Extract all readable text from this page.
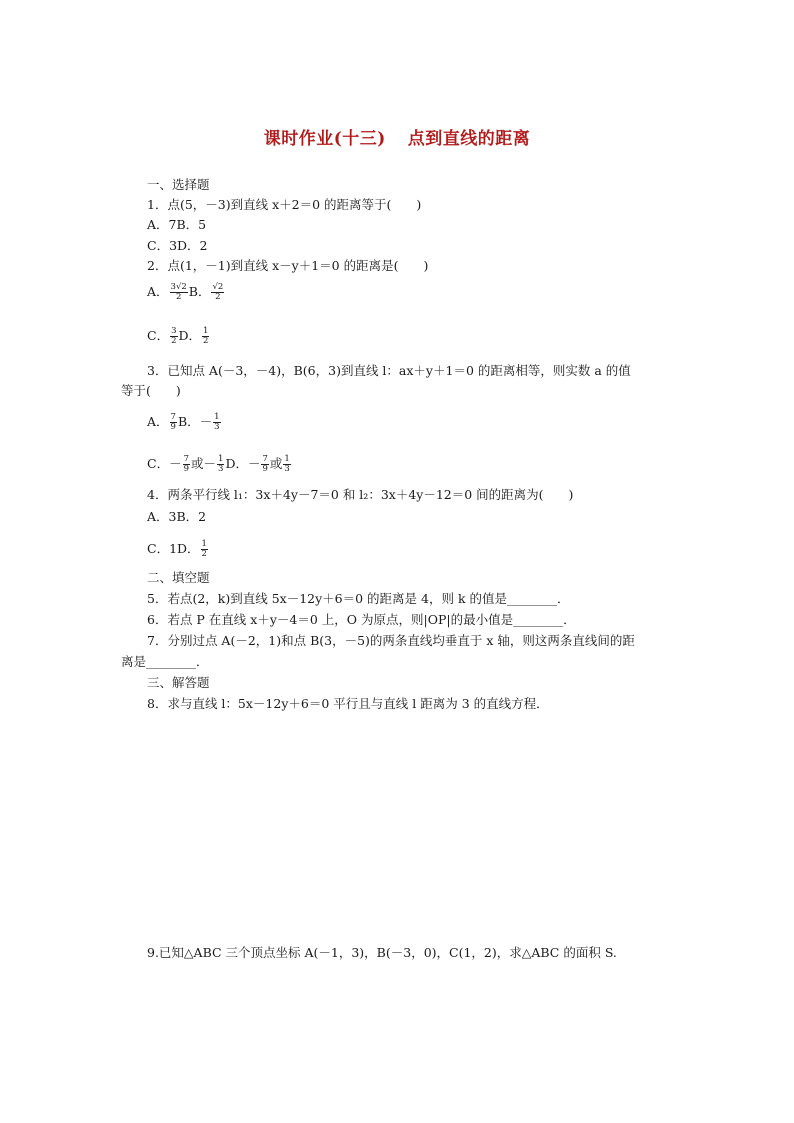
课时作业(十三) 点到直线的距离
一、选择题
1．点(5，－3)到直线 x＋2＝0 的距离等于(　　)
A．7B．5
C．3D．2
2．点(1，－1)到直线 x－y＋1＝0 的距离是(　　)
A． $\frac{3√2}{2}$ B． $\frac{√2}{2}$
C． $\frac{3}{2}$ D． $\frac{1}{2}$
3．已知点 A(－3，－4)，B(6，3)到直线 l：ax＋y＋1＝0 的距离相等，则实数 a 的值
等于(　　)
A． $\frac{7}{9}$ B．－ $\frac{1}{3}$
C．－ $\frac{7}{9}$ 或－ $\frac{1}{3}$ D．－ $\frac{7}{9}$ 或 $\frac{1}{3}$
4．两条平行线 l₁：3x＋4y－7＝0 和 l₂：3x＋4y－12＝0 间的距离为(　　)
A．3B．2
C．1D． $\frac{1}{2}$
二、填空题
5．若点(2，k)到直线 5x－12y＋6＝0 的距离是 4，则 k 的值是________．
6．若点 P 在直线 x＋y－4＝0 上，O 为原点，则|OP|的最小值是________．
7．分别过点 A(－2，1)和点 B(3，－5)的两条直线均垂直于 x 轴，则这两条直线间的距
离是________．
三、解答题
8．求与直线 l：5x－12y＋6＝0 平行且与直线 l 距离为 3 的直线方程．
9.已知△ABC 三个顶点坐标 A(－1，3)，B(－3，0)，C(1，2)，求△ABC 的面积 S.
